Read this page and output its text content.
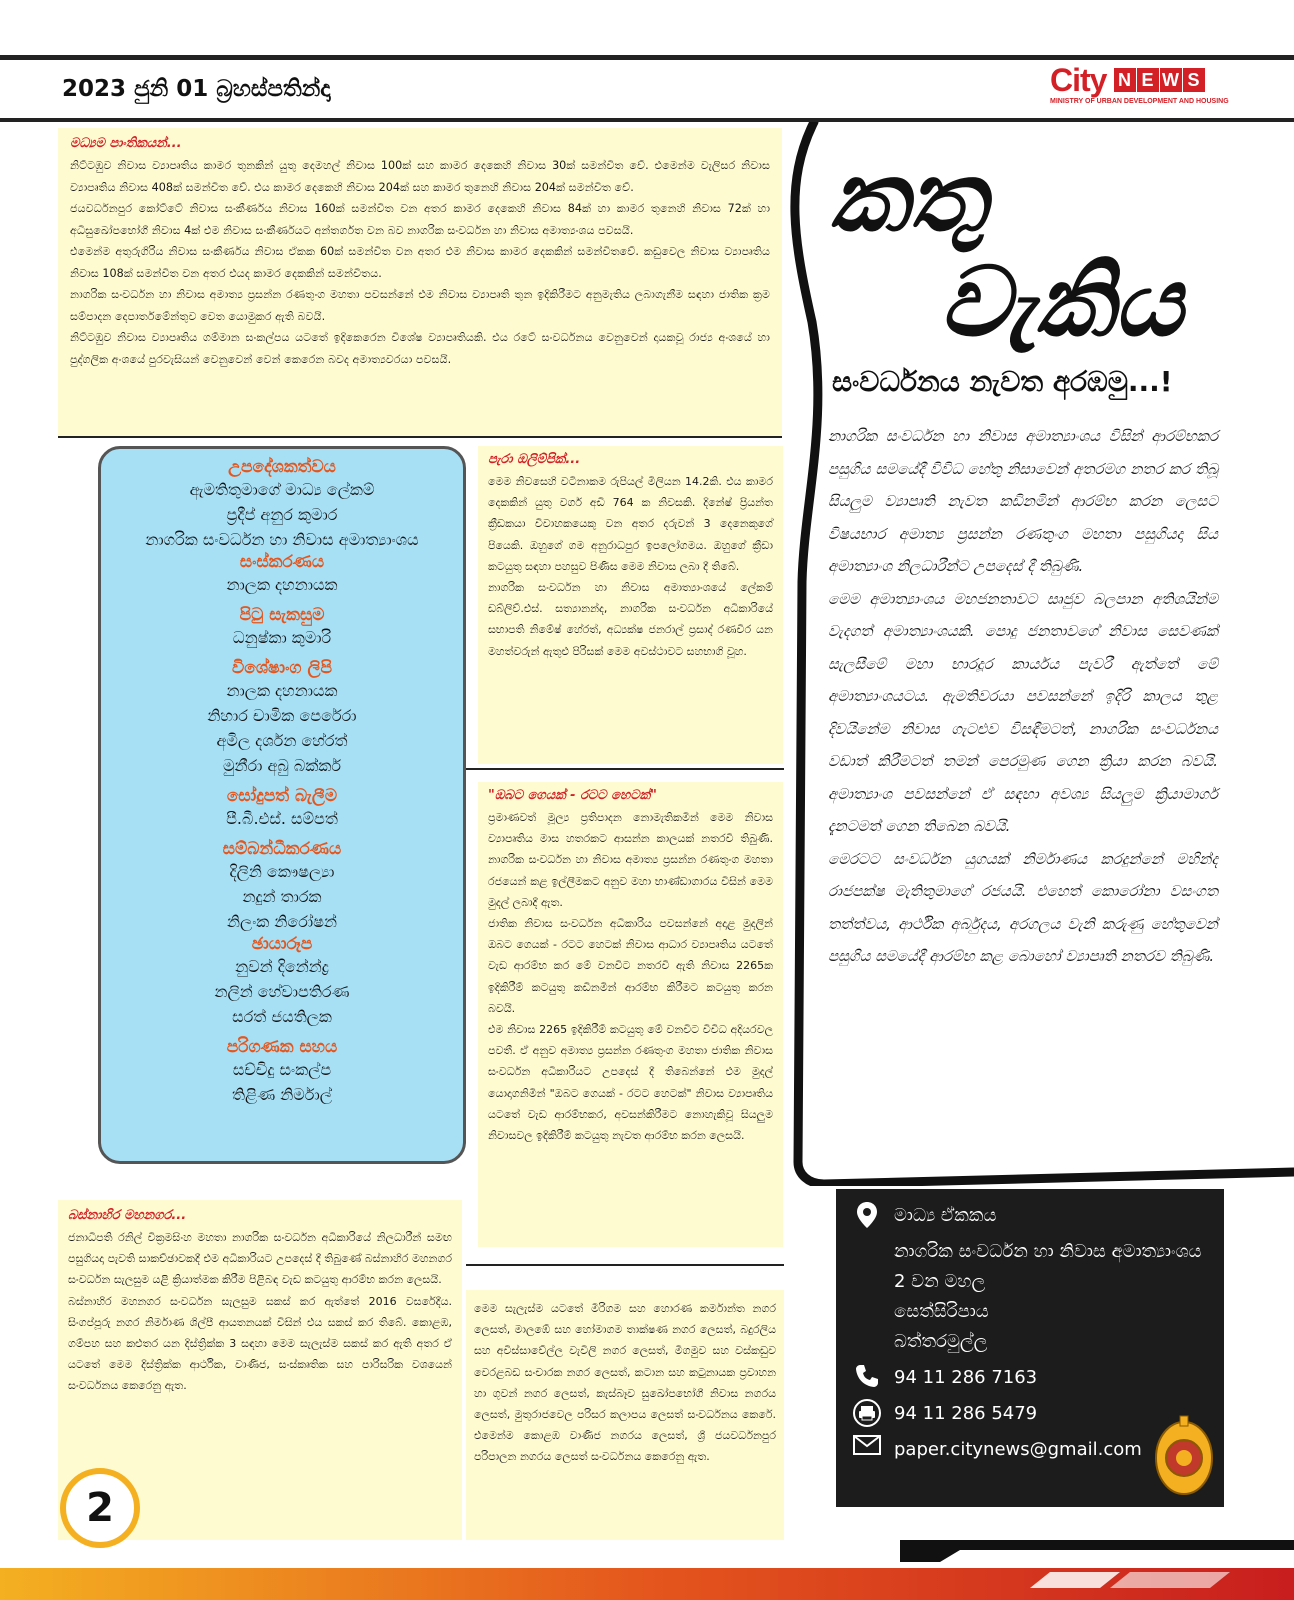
2023 ජුනි 01 බ්‍රහස්පතින්දා	City N E W S
MINISTRY OF URBAN DEVELOPMENT AND HOUSING
මධ්‍යම පාංතිකයන්...

නිට්ටඹුව නිවාස ව්‍යාපෘතිය කාමර තුනකින් යුතු දෙමහල් නිවාස 100ක් සහ කාමර දෙකෙහි නිවාස 30ක් සමන්විත වේ. එමෙන්ම වැලිසර නිවාස ව්‍යාපෘතිය නිවාස 408ක් සමන්විත වේ. එය කාමර දෙකෙහි නිවාස 204ක් සහ කාමර තුනෙහි නිවාස 204ක් සමන්විත වේ.

ජයවර්ධනපුර කෝට්ටේ නිවාස සංකීර්ණය නිවාස 160ක් සමන්විත වන අතර කාමර දෙකෙහි නිවාස 84ක් හා කාමර තුනෙහි නිවාස 72ක් හා අධිසුඛෝපභෝගී නිවාස 4ක් එම නිවාස සංකීර්ණයට අන්තර්ගත වන බව නාගරික සංවර්ධන හා නිවාස අමාත්‍යංශය පවසයි.

එමෙන්ම අතුරුගිරිය නිවාස සංකීර්ණය නිවාස ඒකක 60ක් සමන්විත වන අතර එම නිවාස කාමර දෙකකින් සමන්විතවේ. කඩුවෙල නිවාස ව්‍යාපෘතිය නිවාස 108ක් සමන්විත වන අතර එයද කාමර දෙකකින් සමන්විතය.

නාගරික සංවර්ධන හා නිවාස අමාත්‍ය ප්‍රසන්න රණතුංග මහතා පවසන්නේ එම නිවාස ව්‍යාපෘති තුන ඉදිකිරීමට අනුමැතිය ලබාගැනීම සඳහා ජාතික ක්‍රම සම්පාදන දෙපාර්තමේන්තුව වෙත යොමුකර ඇති බවයි.

නිට්ටඹුව නිවාස ව්‍යාපෘතිය ගම්මාන සංකල්පය යටතේ ඉදිකෙරෙන විශේෂ ව්‍යාපෘතියකි. එය රටේ සංවර්ධනය වෙනුවෙන් දායකවූ රාජ්‍ය අංශයේ හා පුද්ගලික අංශයේ පුරවැසියන් වෙනුවෙන් වෙන් කෙරෙන බවද අමාත්‍යවරයා පවසයි.

උපදේශකත්වය
ඇමතිතුමාගේ මාධ්‍ය ලේකම්
ප්‍රදීප් අනුර කුමාර
නාගරික සංවර්ධන හා නිවාස අමාත්‍යාංශය
සංස්කරණය
නාලක දහනායක
පිටු සැකසුම
ධනුෂ්කා කුමාරි
විශේෂාංග ලිපි
නාලක දහනායක
නිහාර චාමික පෙරේරා
අමිල දර්ශන හේරත්
මුනීරා අබු බක්කර්
සෝදුපත් බැලීම
පී.බී.එස්. සම්පත්
සම්බන්ධීකරණය
දිලිනි කෞෂල්‍යා
නදුන් තාරක
නිලංක නිරෝෂන්
ඡායාරූප
නුවන් දිනේන්ද්‍ර
නලින් හේවාපතිරණ
සරත් ජයතිලක
පරිගණක සහය
සච්චිදු සංකල්ප
තිළිණ නිර්මාල්
පැරා ඔලිම්පික්...

මෙම නිවසෙහි වටිනාකම රුපියල් මිලියන 14.2කි. එය කාමර දෙකකින් යුතු වර්ග අඩි 764 ක නිවසකි. දිනේෂ් ප්‍රියන්ත ක්‍රීඩකයා විවාහකයෙකු වන අතර දරුවන් 3 දෙනෙකුගේ පියෙකි. ඔහුගේ ගම අනුරාධපුර ඉපලෝගමය. ඔහුගේ ක්‍රීඩා කටයුතු සඳහා පහසුව පිණිස මෙම නිවාස ලබා දී තිබේ.

නාගරික සංවර්ධන හා නිවාස අමාත්‍යාංශයේ ලේකම් ඩබ්ලිව්.එස්. සත්‍යානන්ද, නාගරික සංවර්ධන අධිකාරියේ සභාපති නිමේෂ් හේරත්, අධ්‍යක්ෂ ජනරාල් ප්‍රසාද් රණවීර යන මහත්වරුන් ඇතුළු පිරිසක් මෙම අවස්ථාවට සහභාගි වූහ.

"ඔබට ගෙයක් - රටට හෙටක්"

ප්‍රමාණවත් මූල්‍ය ප්‍රතිපාදන නොමැතිකමින් මෙම නිවාස ව්‍යාපෘතිය මාස හතරකට ආසන්න කාලයක් නතරවී තිබුණි. නාගරික සංවර්ධන හා නිවාස අමාත්‍ය ප්‍රසන්න රණතුංග මහතා රජයෙන් කළ ඉල්ලීමකට අනුව මහා භාණ්ඩාගාරය විසින් මෙම මුදල් ලබාදී ඇත.

ජාතික නිවාස සංවර්ධන අධිකාරිය පවසන්නේ අදාළ මුදලින් ඔබට ගෙයක් - රටට හෙටක් නිවාස ආධාර ව්‍යාපෘතිය යටතේ වැඩ ආරම්භ කර මේ වනවිට නතරවී ඇති නිවාස 2265ක ඉදිකිරීම් කටයුතු කඩිනමින් ආරම්භ කිරීමට කටයුතු කරන බවයි.

එම නිවාස 2265 ඉදිකිරීම් කටයුතු මේ වනවිට විවිධ අදියරවල පවතී. ඒ අනුව අමාත්‍ය ප්‍රසන්න රණතුංග මහතා ජාතික නිවාස සංවර්ධන අධිකාරියට උපදෙස් දී තිබෙන්නේ එම මුදල් යොදාගනිමින් "ඔබට ගෙයක් - රටට හෙටක්" නිවාස ව්‍යාපෘතිය යටතේ වැඩ ආරම්භකර, අවසන්කිරීමට නොහැකිවූ සියලුම නිවාසවල ඉදිකිරීම් කටයුතු නැවත ආරම්භ කරන ලෙසයි.

බස්නාහිර මහනගර...

ජනාධිපති රනිල් වික්‍රමසිංහ මහතා නාගරික සංවර්ධන අධිකාරියේ නිලධාරීන් සමඟ පසුගියදා පැවති සාකච්ඡාවකදී එම අධිකාරියට උපදෙස් දී තිබුණේ බස්නාහිර මහනගර සංවර්ධන සැලසුම යළි ක්‍රියාත්මක කිරීම පිළිබඳ වැඩ කටයුතු ආරම්භ කරන ලෙසයි.

බස්නාහිර මහනගර සංවර්ධන සැලසුම සකස් කර ඇත්තේ 2016 වසරේදීය. සිංගප්පූරු නගර නිර්මාණ ශිල්පී ආයතනයක් විසින් එය සකස් කර තිබේ. කොළඹ, ගම්පහ සහ කළුතර යන දිස්ත්‍රික්ක 3 සඳහා මෙම සැලැස්ම සකස් කර ඇති අතර ඒ යටතේ මෙම දිස්ත්‍රික්ක ආර්ථික, වාණිජ, සංස්කෘතික සහ පාරිසරික වශයෙන් සංවර්ධනය කෙරෙනු ඇත.

මෙම සැලැස්ම යටතේ මීරිගම සහ හොරණ කර්මාන්ත නගර ලෙසත්, මාලඹේ සහ හෝමාගම තාක්ෂණ නගර ලෙසත්, බදුරලිය සහ අවිස්සාවේල්ල වැවිලි නගර ලෙසත්, මීගමුව සහ වස්කඩුව වෙරළබඩ සංචාරක නගර ලෙසත්, කටාන සහ කටුනායක ප්‍රවාහන හා ගුවන් නගර ලෙසත්, කැස්බෑව සුඛෝපභෝගී නිවාස නගරය ලෙසත්, මුතුරාජවෙල පරිසර කලාපය ලෙසත් සංවර්ධනය කෙරේ. එමෙන්ම කොළඹ වාණිජ නගරය ලෙසත්, ශ්‍රී ජයවර්ධනපුර පරිපාලන නගරය ලෙසත් සංවර්ධනය කෙරෙනු ඇත.

කතු
වැකිය
සංවර්ධනය නැවත අරඹමු...!

නාගරික සංවර්ධන හා නිවාස අමාත්‍යාංශය විසින් ආරම්භකර පසුගිය සමයේදී විවිධ හේතු නිසාවෙන් අතරමග නතර කර තිබූ සියලුම ව්‍යාපෘති නැවත කඩිනමින් ආරම්භ කරන ලෙසට විෂයභාර අමාත්‍ය ප්‍රසන්න රණතුංග මහතා පසුගියදා සිය අමාත්‍යාංශ නිලධාරීන්ට උපදෙස් දී තිබුණි.

මෙම අමාත්‍යාංශය මහජනතාවට සෘජුව බලපාන අතිශයින්ම වැදගත් අමාත්‍යාංශයකි. පොදු ජනතාවගේ නිවාස සෙවණක් සැලසීමේ මහා භාරදූර කාර්යය පැවරී ඇත්තේ මේ අමාත්‍යාංශයටය. ඇමතිවරයා පවසන්නේ ඉදිරි කාලය තුළ දිවයිනේම නිවාස ගැටළුව විසඳීමටත්, නාගරික සංවර්ධනය වඩාත් කිරීමටත් තමන් පෙරමුණ ගෙන ක්‍රියා කරන බවයි. අමාත්‍යාංශ පවසන්නේ ඒ සඳහා අවශ්‍ය සියලුම ක්‍රියාමාර්ග දැනටමත් ගෙන තිබෙන බවයි.

මෙරටට සංවර්ධන යුගයක් නිර්මාණය කරදුන්නේ මහින්ද රාජපක්ෂ මැතිතුමාගේ රජයයි. එහෙත් කොරෝනා වසංගත තත්ත්වය, ආර්ථික අර්බුදය, අරගලය වැනි කරුණු හේතුවෙන් පසුගිය සමයේදී ආරම්භ කළ බොහෝ ව්‍යාපෘති නතරව තිබුණි.

මාධ්‍ය ඒකකය
නාගරික සංවර්ධන හා නිවාස අමාත්‍යාංශය
2 වන මහල
සෙත්සිරිපාය
බත්තරමුල්ල
94 11 286 7163
94 11 286 5479
paper.citynews@gmail.com
2
